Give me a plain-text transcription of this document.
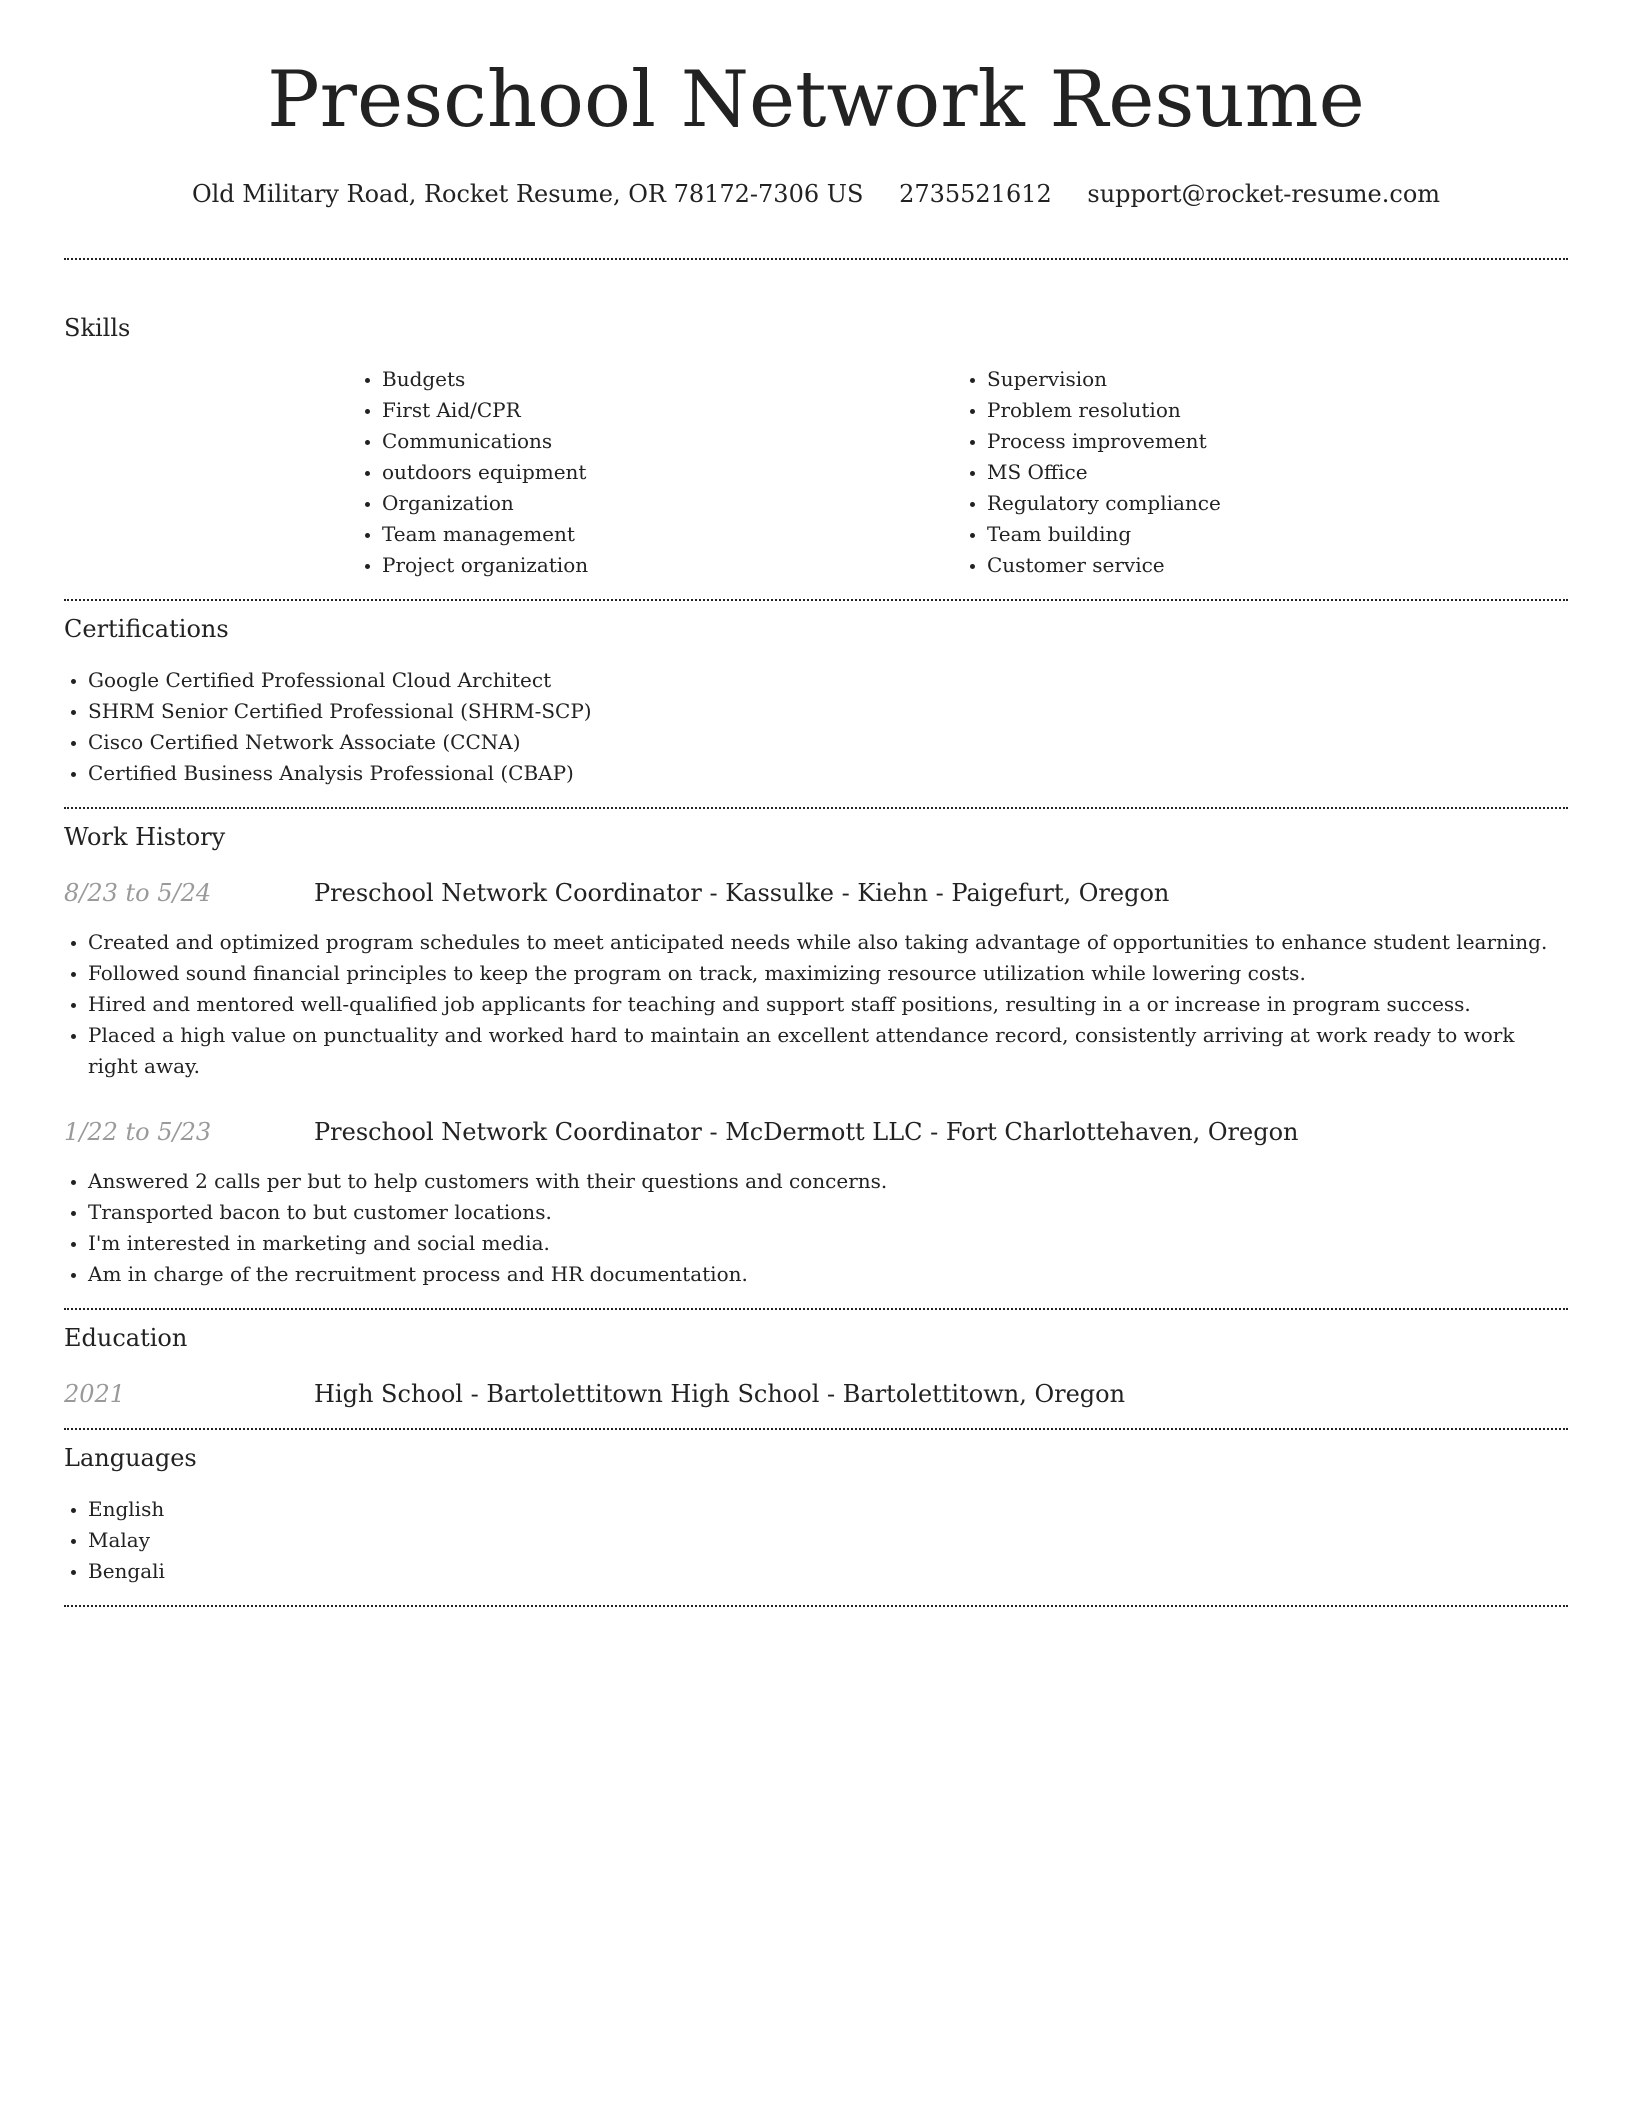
Preschool Network Resume
Old Military Road, Rocket Resume, OR 78172-7306 US 2735521612 support@rocket-resume.com
Skills
• Budgets
• First Aid/CPR
• Communications
• outdoors equipment
• Organization
• Team management
• Project organization
• Supervision
• Problem resolution
• Process improvement
• MS Office
• Regulatory compliance
• Team building
• Customer service
Certifications
• Google Certified Professional Cloud Architect
• SHRM Senior Certified Professional (SHRM-SCP)
• Cisco Certified Network Associate (CCNA)
• Certified Business Analysis Professional (CBAP)
Work History
8/23 to 5/24	Preschool Network Coordinator - Kassulke - Kiehn - Paigefurt, Oregon
• Created and optimized program schedules to meet anticipated needs while also taking advantage of opportunities to enhance student learning.
• Followed sound financial principles to keep the program on track, maximizing resource utilization while lowering costs.
• Hired and mentored well-qualified job applicants for teaching and support staff positions, resulting in a or increase in program success.
• Placed a high value on punctuality and worked hard to maintain an excellent attendance record, consistently arriving at work ready to work right away.
1/22 to 5/23	Preschool Network Coordinator - McDermott LLC - Fort Charlottehaven, Oregon
• Answered 2 calls per but to help customers with their questions and concerns.
• Transported bacon to but customer locations.
• I'm interested in marketing and social media.
• Am in charge of the recruitment process and HR documentation.
Education
2021	High School - Bartolettitown High School - Bartolettitown, Oregon
Languages
• English
• Malay
• Bengali
